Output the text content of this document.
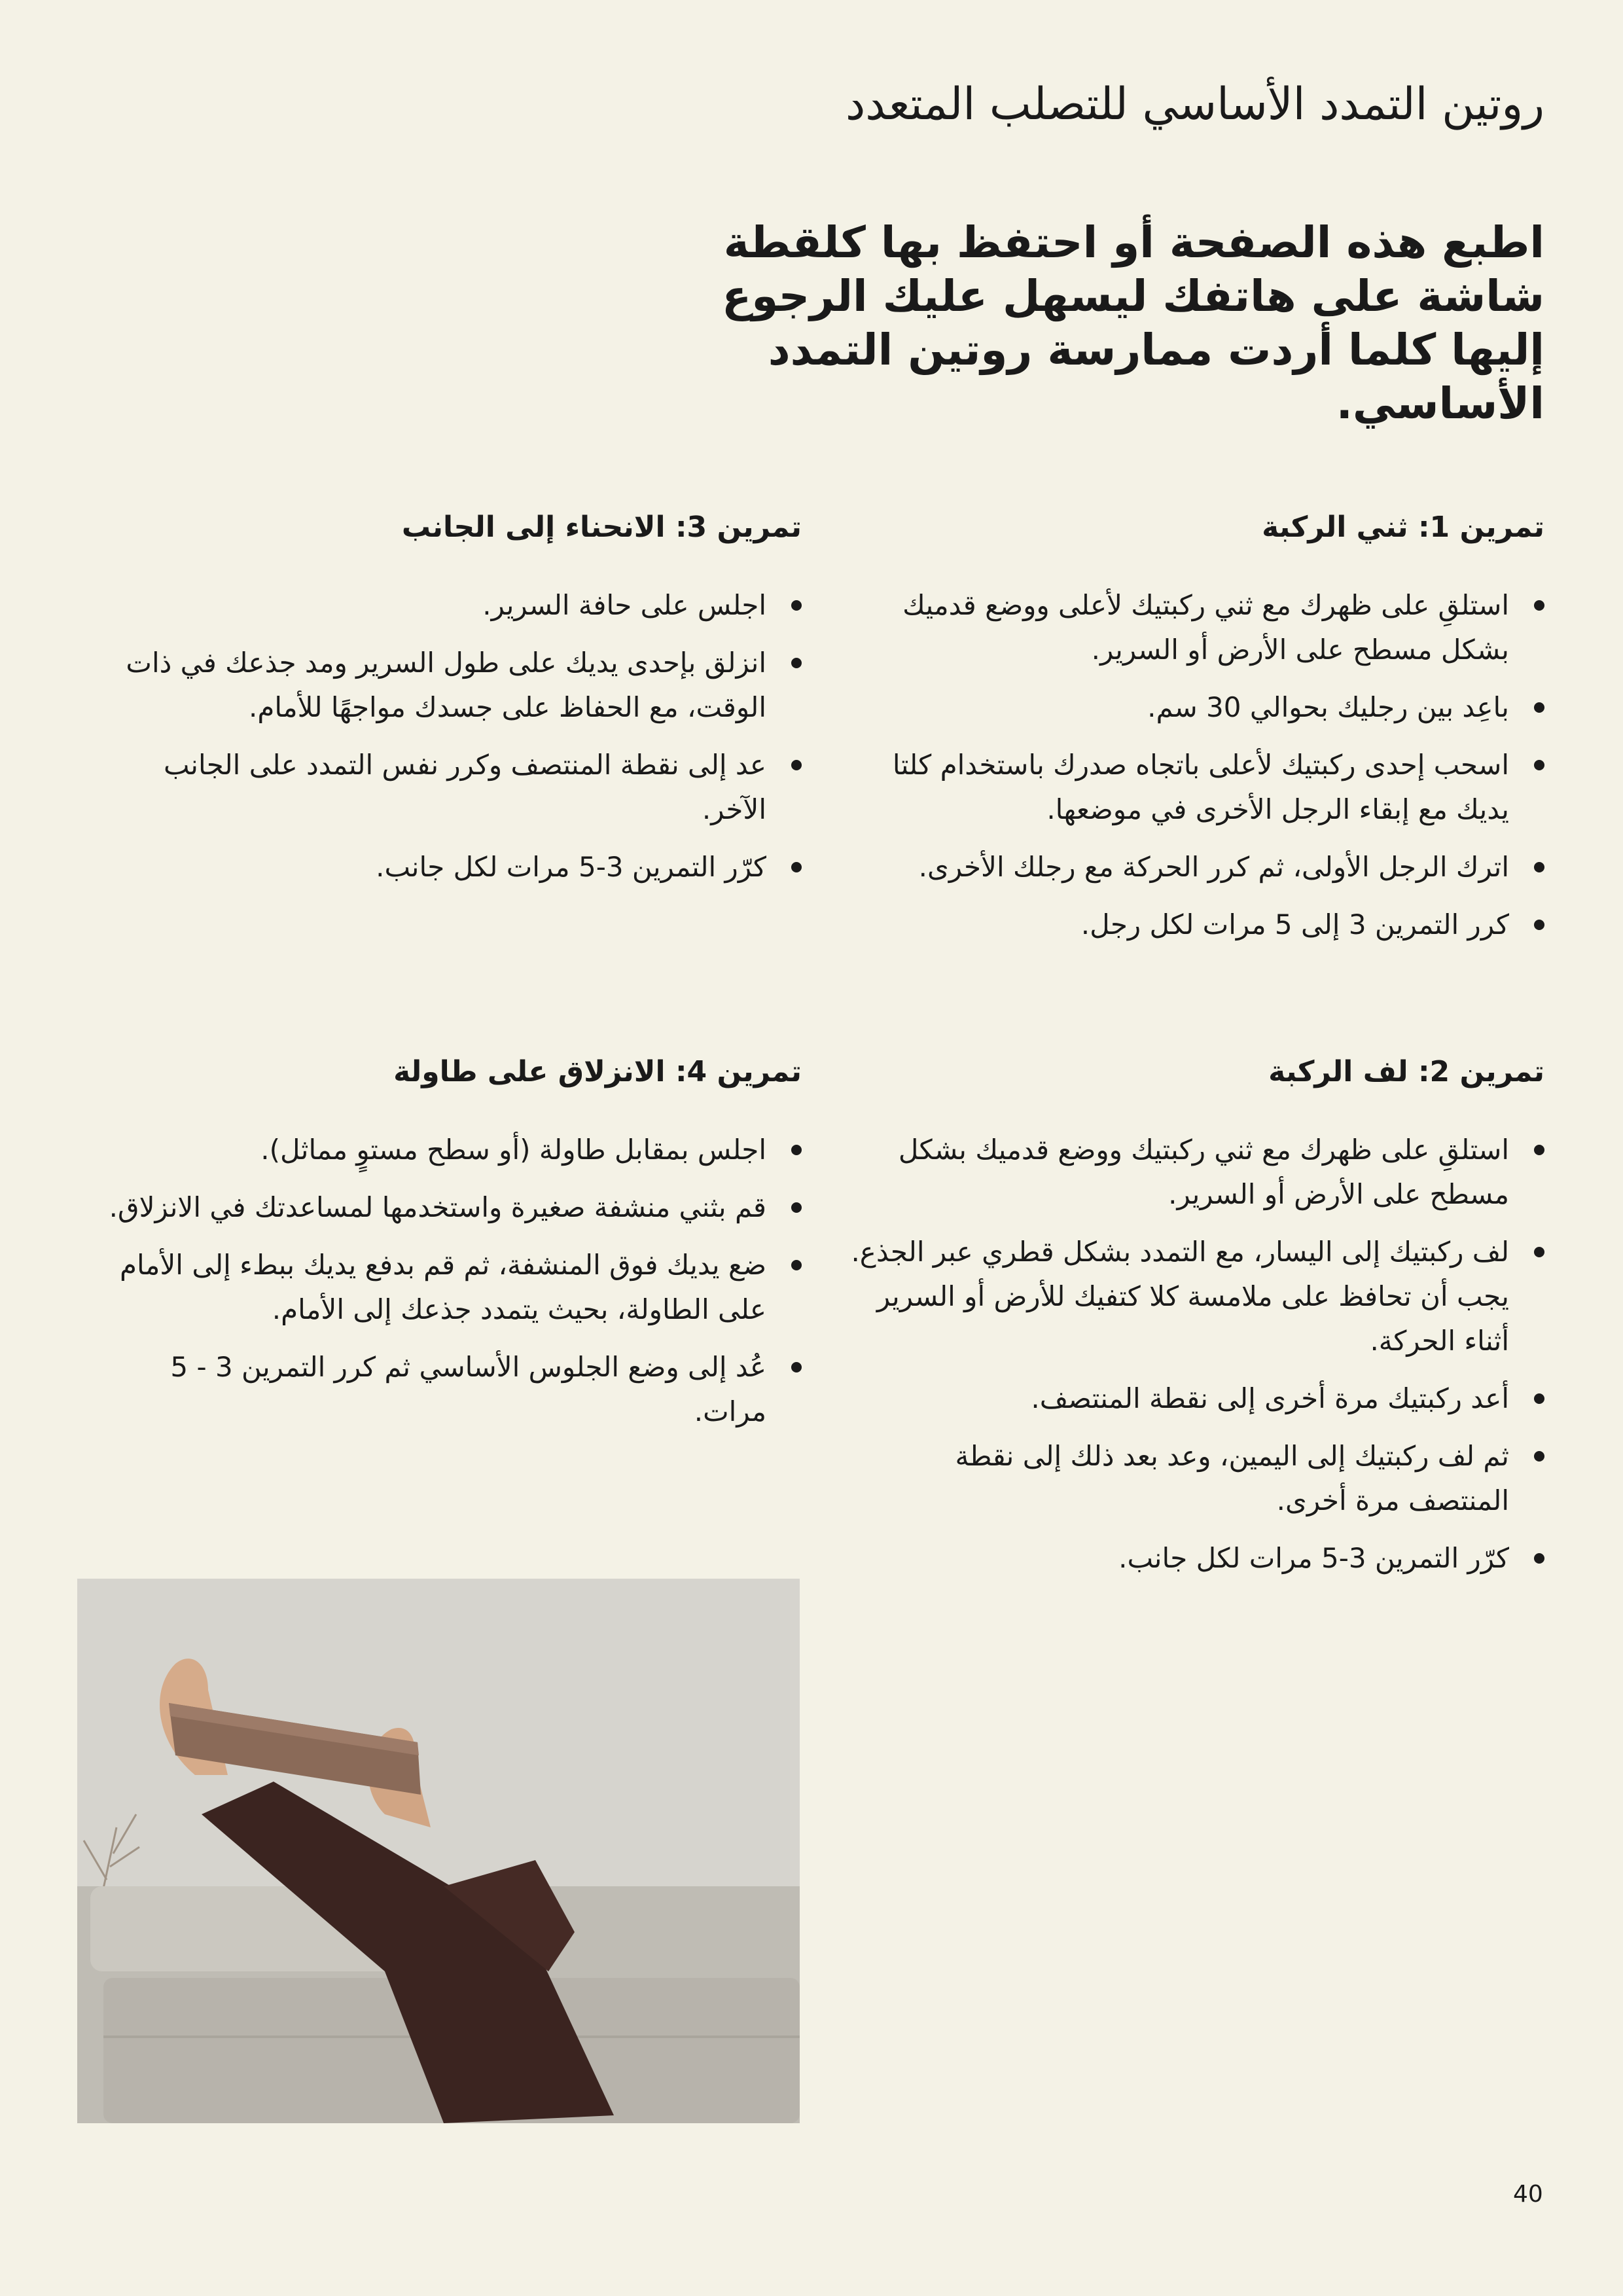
روتين التمدد الأساسي للتصلب المتعدد

اطبع هذه الصفحة أو احتفظ بها كلقطة شاشة على هاتفك ليسهل عليك الرجوع إليها كلما أردت ممارسة روتين التمدد الأساسي.

تمرين 1: ثني الركبة
استلقِ على ظهرك مع ثني ركبتيك لأعلى ووضع قدميك بشكل مسطح على الأرض أو السرير.
باعِد بين رجليك بحوالي 30 سم.
اسحب إحدى ركبتيك لأعلى باتجاه صدرك باستخدام كلتا يديك مع إبقاء الرجل الأخرى في موضعها.
اترك الرجل الأولى، ثم كرر الحركة مع رجلك الأخرى.
كرر التمرين 3 إلى 5 مرات لكل رجل.
تمرين 3: الانحناء إلى الجانب
اجلس على حافة السرير.
انزلق بإحدى يديك على طول السرير ومد جذعك في ذات الوقت، مع الحفاظ على جسدك مواجهًا للأمام.
عد إلى نقطة المنتصف وكرر نفس التمدد على الجانب الآخر.
كرّر التمرين 3-5 مرات لكل جانب.
تمرين 2: لف الركبة
استلقِ على ظهرك مع ثني ركبتيك ووضع قدميك بشكل مسطح على الأرض أو السرير.
لف ركبتيك إلى اليسار، مع التمدد بشكل قطري عبر الجذع. يجب أن تحافظ على ملامسة كلا كتفيك للأرض أو السرير أثناء الحركة.
أعد ركبتيك مرة أخرى إلى نقطة المنتصف.
ثم لف ركبتيك إلى اليمين، وعد بعد ذلك إلى نقطة المنتصف مرة أخرى.
كرّر التمرين 3-5 مرات لكل جانب.
تمرين 4: الانزلاق على طاولة
اجلس بمقابل طاولة (أو سطح مستوٍ مماثل).
قم بثني منشفة صغيرة واستخدمها لمساعدتك في الانزلاق.
ضع يديك فوق المنشفة، ثم قم بدفع يديك ببطء إلى الأمام على الطاولة، بحيث يتمدد جذعك إلى الأمام.
عُد إلى وضع الجلوس الأساسي ثم كرر التمرين 3 - 5 مرات.
40
